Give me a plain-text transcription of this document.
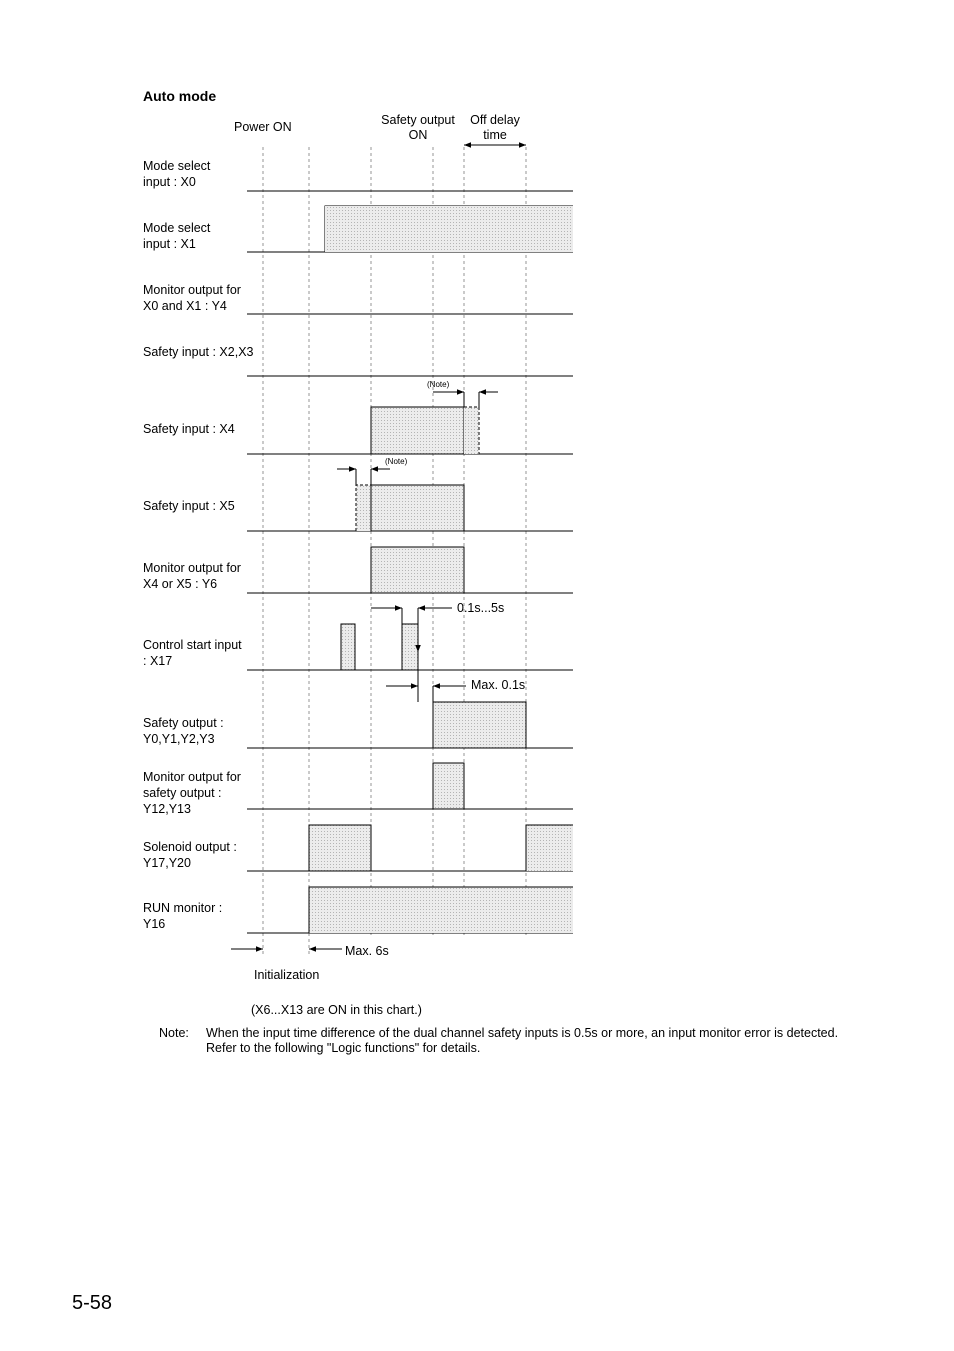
Auto mode
Power ON	Safety output
ON
Off delay
time
Mode select
input : X0
Mode select
input : X1
Monitor output for
X0 and X1 : Y4
Safety input : X2,X3
Safety input : X4
Safety input : X5
Monitor output for
X4 or X5 : Y6
Control start input
: X17
Safety output :
Y0,Y1,Y2,Y3
Monitor output for
safety output :
Y12,Y13
Solenoid output :
Y17,Y20
RUN monitor :
Y16
(Note)
(Note)
0.1s...5s
Max. 0.1s
Max. 6s
Initialization
(X6...X13 are ON in this chart.)
Note: When the input time difference of the dual channel safety inputs is 0.5s or more, an input monitor error is detected.
Refer to the following "Logic functions" for details.
5-58
